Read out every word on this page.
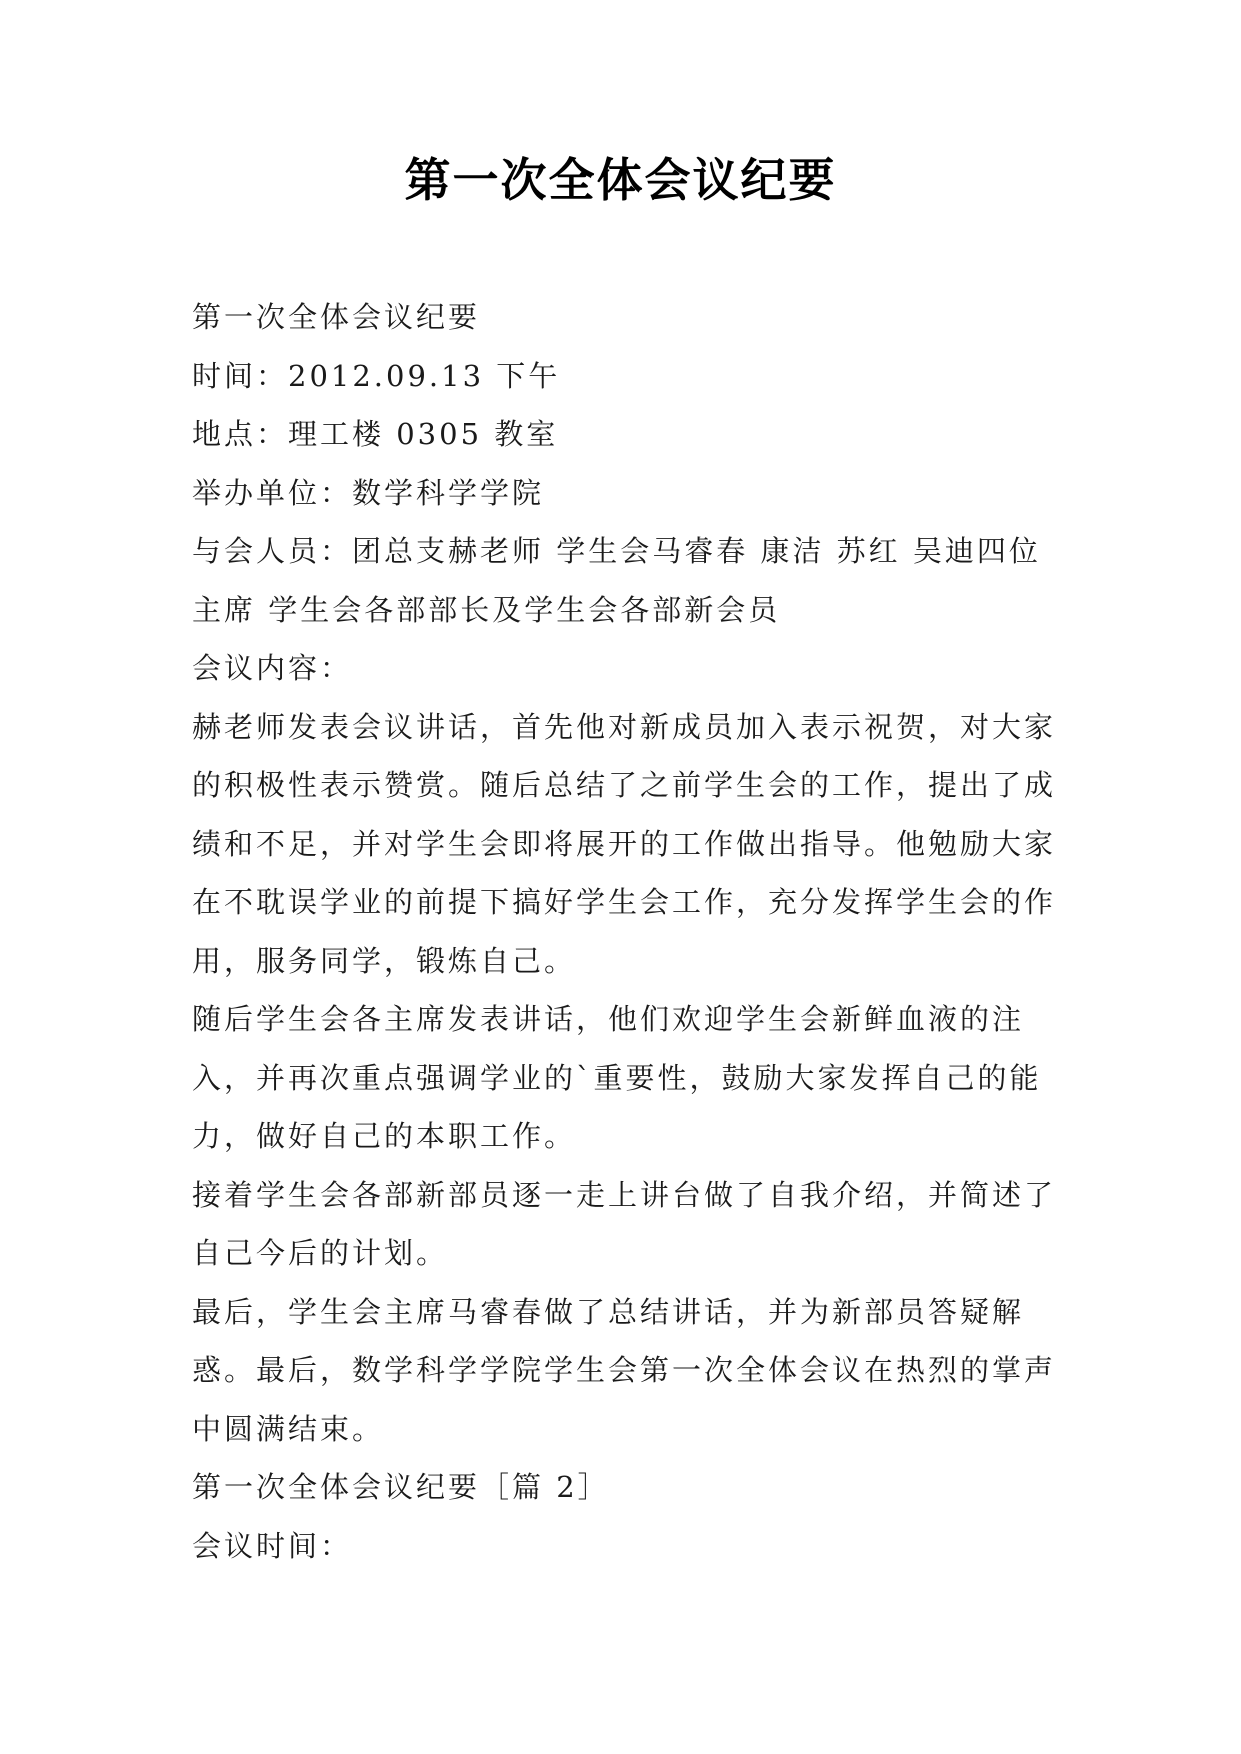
第一次全体会议纪要

第一次全体会议纪要

时间：2012.09.13 下午

地点：理工楼 0305 教室

举办单位：数学科学学院

与会人员：团总支赫老师 学生会马睿春 康洁 苏红 吴迪四位主席 学生会各部部长及学生会各部新会员

会议内容：

赫老师发表会议讲话，首先他对新成员加入表示祝贺，对大家的积极性表示赞赏。随后总结了之前学生会的工作，提出了成绩和不足，并对学生会即将展开的工作做出指导。他勉励大家在不耽误学业的前提下搞好学生会工作，充分发挥学生会的作用，服务同学，锻炼自己。

随后学生会各主席发表讲话，他们欢迎学生会新鲜血液的注入，并再次重点强调学业的`重要性，鼓励大家发挥自己的能力，做好自己的本职工作。

接着学生会各部新部员逐一走上讲台做了自我介绍，并简述了自己今后的计划。

最后，学生会主席马睿春做了总结讲话，并为新部员答疑解惑。最后，数学科学学院学生会第一次全体会议在热烈的掌声中圆满结束。

第一次全体会议纪要［篇 2］

会议时间：
